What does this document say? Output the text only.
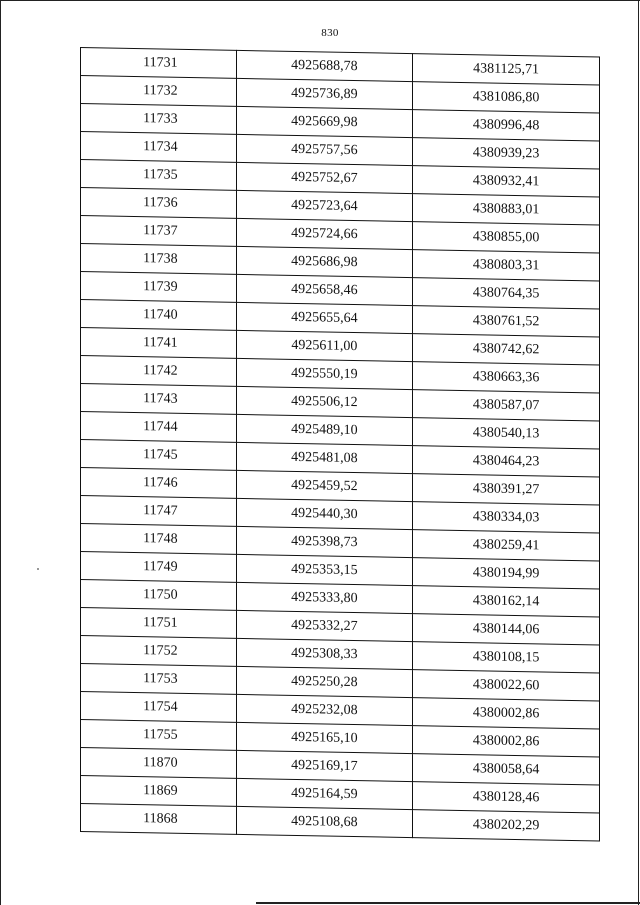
830
11731	4925688,78	4381125,71
11732	4925736,89	4381086,80
11733	4925669,98	4380996,48
11734	4925757,56	4380939,23
11735	4925752,67	4380932,41
11736	4925723,64	4380883,01
11737	4925724,66	4380855,00
11738	4925686,98	4380803,31
11739	4925658,46	4380764,35
11740	4925655,64	4380761,52
11741	4925611,00	4380742,62
11742	4925550,19	4380663,36
11743	4925506,12	4380587,07
11744	4925489,10	4380540,13
11745	4925481,08	4380464,23
11746	4925459,52	4380391,27
11747	4925440,30	4380334,03
11748	4925398,73	4380259,41
11749	4925353,15	4380194,99
11750	4925333,80	4380162,14
11751	4925332,27	4380144,06
11752	4925308,33	4380108,15
11753	4925250,28	4380022,60
11754	4925232,08	4380002,86
11755	4925165,10	4380002,86
11870	4925169,17	4380058,64
11869	4925164,59	4380128,46
11868	4925108,68	4380202,29
